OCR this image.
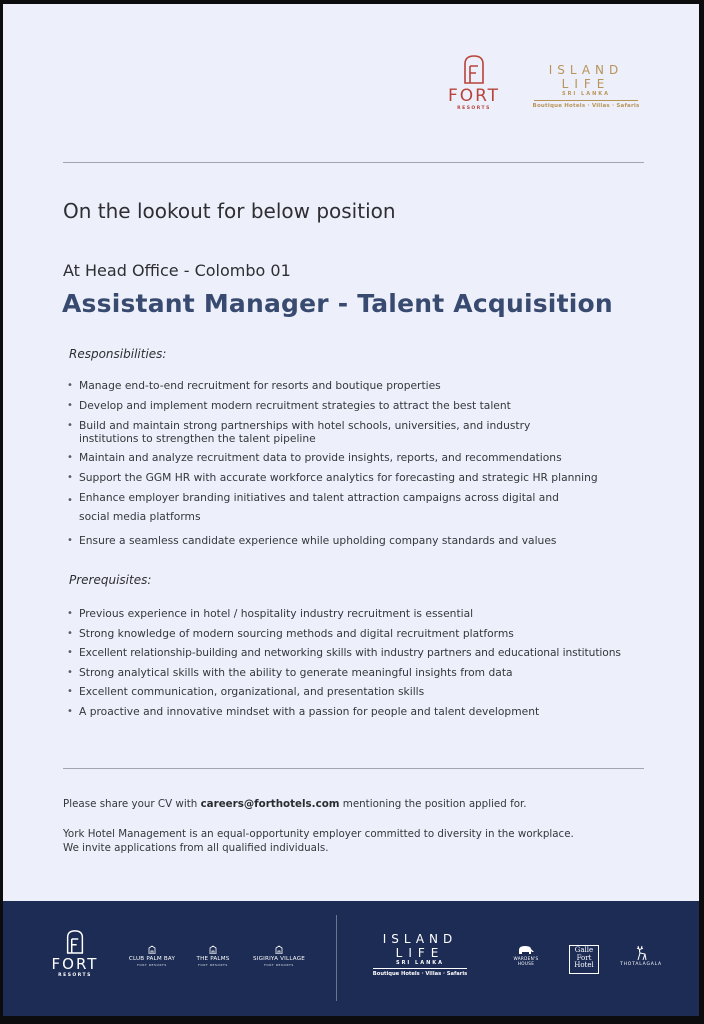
FORT
RESORTS
ISLAND
LIFE
SRI LANKA
Boutique Hotels · Villas · Safaris
On the lookout for below position
At Head Office - Colombo 01
Assistant Manager - Talent Acquisition
Responsibilities:
• Manage end-to-end recruitment for resorts and boutique properties
• Develop and implement modern recruitment strategies to attract the best talent
• Build and maintain strong partnerships with hotel schools, universities, and industry institutions to strengthen the talent pipeline
• Maintain and analyze recruitment data to provide insights, reports, and recommendations
• Support the GGM HR with accurate workforce analytics for forecasting and strategic HR planning
• Enhance employer branding initiatives and talent attraction campaigns across digital and social media platforms
• Ensure a seamless candidate experience while upholding company standards and values
Prerequisites:
• Previous experience in hotel / hospitality industry recruitment is essential
• Strong knowledge of modern sourcing methods and digital recruitment platforms
• Excellent relationship-building and networking skills with industry partners and educational institutions
• Strong analytical skills with the ability to generate meaningful insights from data
• Excellent communication, organizational, and presentation skills
• A proactive and innovative mindset with a passion for people and talent development
Please share your CV with careers@forthotels.com mentioning the position applied for.
York Hotel Management is an equal-opportunity employer committed to diversity in the workplace.
We invite applications from all qualified individuals.
FORT
RESORTS
CLUB PALM BAY
FORT RESORTS
THE PALMS
FORT RESORTS
SIGIRIYA VILLAGE
FORT RESORTS
ISLAND
LIFE
SRI LANKA
Boutique Hotels · Villas · Safaris
WARDEN'S
HOUSE
Galle
Fort
Hotel	THOTALAGALA
